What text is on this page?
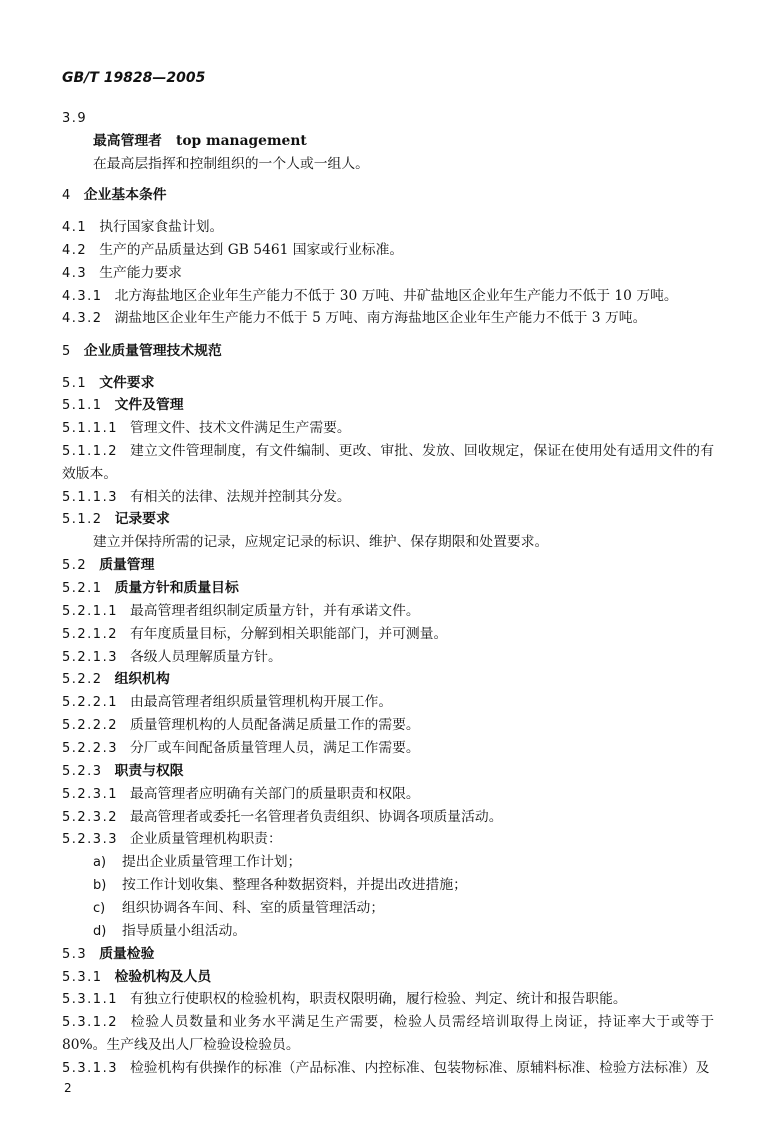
GB/T 19828—2005
3.9
最高管理者 top management
在最高层指挥和控制组织的一个人或一组人。
4 企业基本条件
4.1 执行国家食盐计划。
4.2 生产的产品质量达到 GB 5461 国家或行业标准。
4.3 生产能力要求
4.3.1 北方海盐地区企业年生产能力不低于 30 万吨、井矿盐地区企业年生产能力不低于 10 万吨。
4.3.2 湖盐地区企业年生产能力不低于 5 万吨、南方海盐地区企业年生产能力不低于 3 万吨。
5 企业质量管理技术规范
5.1 文件要求
5.1.1 文件及管理
5.1.1.1 管理文件、技术文件满足生产需要。
5.1.1.2 建立文件管理制度，有文件编制、更改、审批、发放、回收规定，保证在使用处有适用文件的有效版本。
5.1.1.3 有相关的法律、法规并控制其分发。
5.1.2 记录要求
建立并保持所需的记录，应规定记录的标识、维护、保存期限和处置要求。
5.2 质量管理
5.2.1 质量方针和质量目标
5.2.1.1 最高管理者组织制定质量方针，并有承诺文件。
5.2.1.2 有年度质量目标，分解到相关职能部门，并可测量。
5.2.1.3 各级人员理解质量方针。
5.2.2 组织机构
5.2.2.1 由最高管理者组织质量管理机构开展工作。
5.2.2.2 质量管理机构的人员配备满足质量工作的需要。
5.2.2.3 分厂或车间配备质量管理人员，满足工作需要。
5.2.3 职责与权限
5.2.3.1 最高管理者应明确有关部门的质量职责和权限。
5.2.3.2 最高管理者或委托一名管理者负责组织、协调各项质量活动。
5.2.3.3 企业质量管理机构职责：
a) 提出企业质量管理工作计划；
b) 按工作计划收集、整理各种数据资料，并提出改进措施；
c) 组织协调各车间、科、室的质量管理活动；
d) 指导质量小组活动。
5.3 质量检验
5.3.1 检验机构及人员
5.3.1.1 有独立行使职权的检验机构，职责权限明确，履行检验、判定、统计和报告职能。
5.3.1.2 检验人员数量和业务水平满足生产需要，检验人员需经培训取得上岗证，持证率大于或等于 80%。生产线及出人厂检验设检验员。
5.3.1.3 检验机构有供操作的标准（产品标准、内控标准、包装物标准、原辅料标准、检验方法标准）及
2
